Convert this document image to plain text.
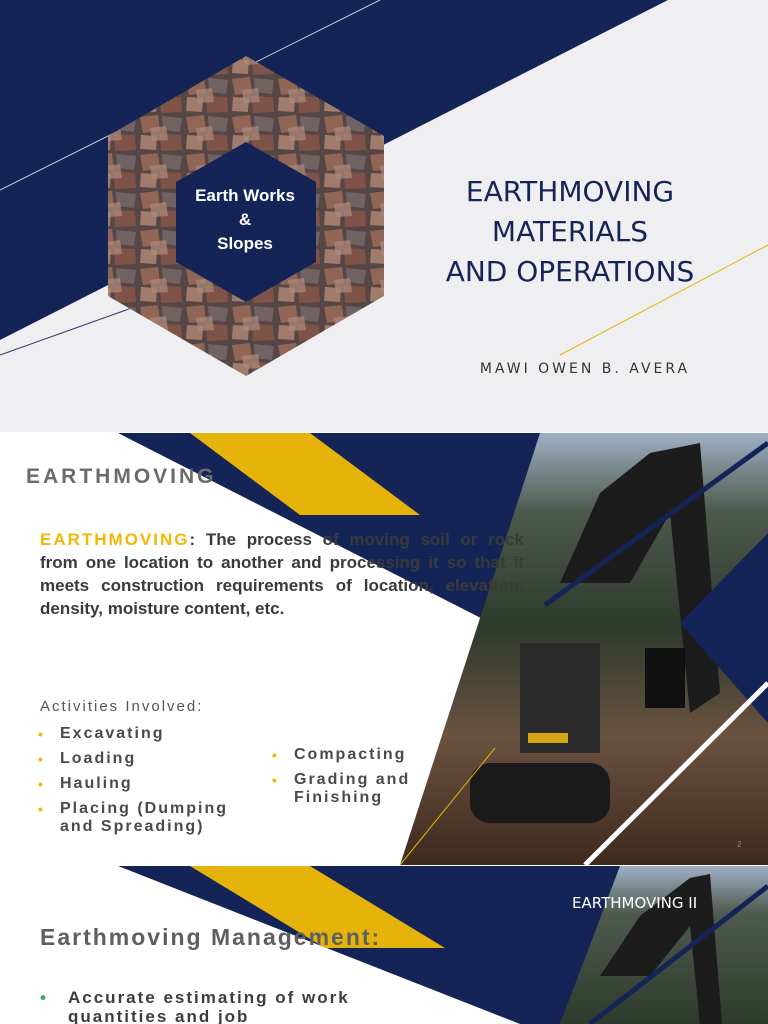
Earth Works
&
Slopes
EARTHMOVING
MATERIALS
AND OPERATIONS
MAWI OWEN B. AVERA
EARTHMOVING
EARTHMOVING: The process of moving soil or rock from one location to another and processing it so that it meets construction requirements of location, elevation, density, moisture content, etc.
Activities Involved:
• Excavating
• Loading
• Hauling
• Placing (Dumping and Spreading)
• Compacting
• Grading and Finishing
2
EARTHMOVING II
Earthmoving Management:
• Accurate estimating of work quantities and job
